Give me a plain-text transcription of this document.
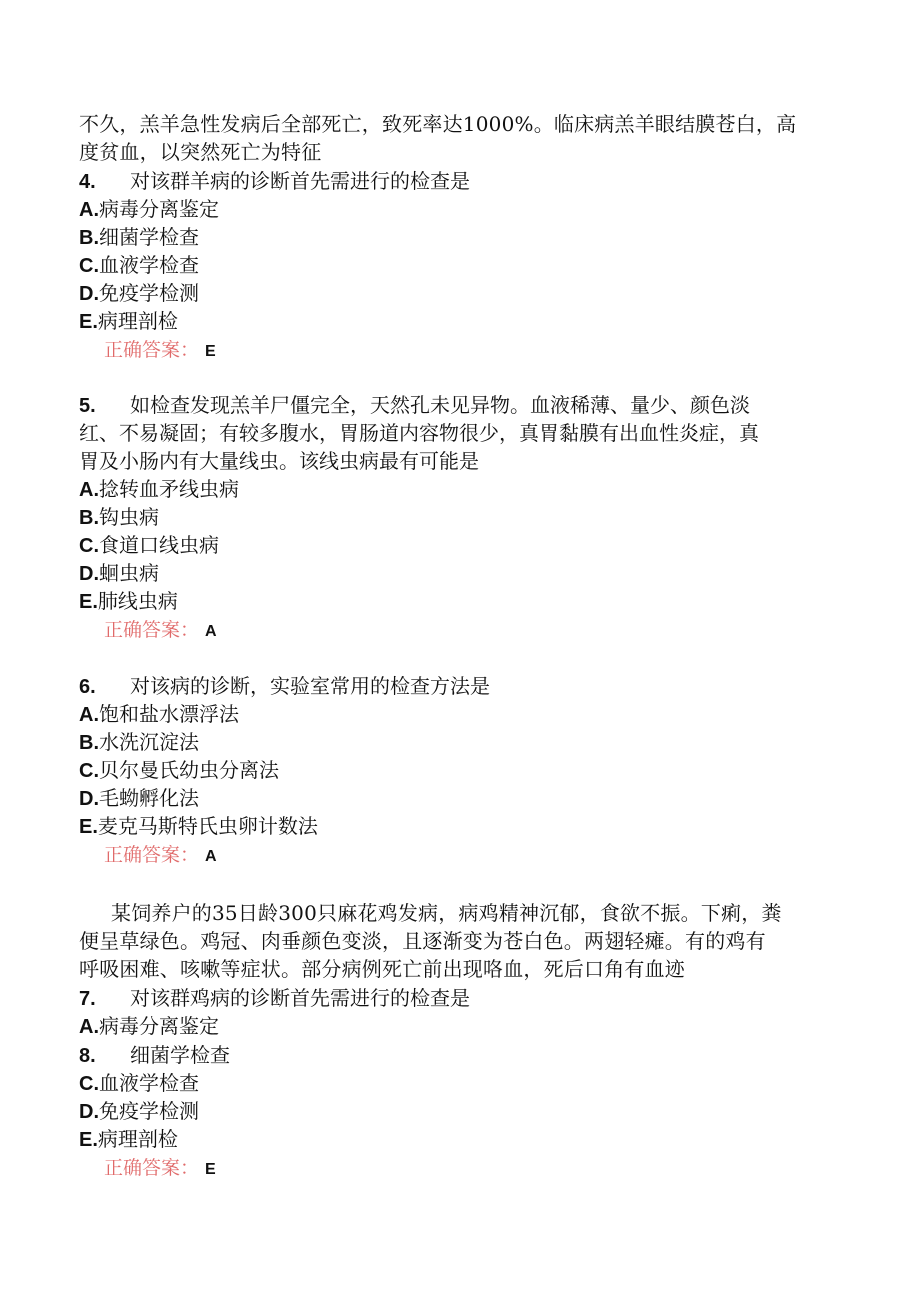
不久，羔羊急性发病后全部死亡，致死率达1000%。临床病羔羊眼结膜苍白，高
度贫血，以突然死亡为特征
4. 对该群羊病的诊断首先需进行的检查是
A.病毒分离鉴定
B.细菌学检查
C.血液学检查
D.免疫学检测
E.病理剖检
正确答案： E
5. 如检查发现羔羊尸僵完全，天然孔未见异物。血液稀薄、量少、颜色淡
红、不易凝固；有较多腹水，胃肠道内容物很少，真胃黏膜有出血性炎症，真
胃及小肠内有大量线虫。该线虫病最有可能是
A.捻转血矛线虫病
B.钩虫病
C.食道口线虫病
D.蛔虫病
E.肺线虫病
正确答案： A
6. 对该病的诊断，实验室常用的检查方法是
A.饱和盐水漂浮法
B.水洗沉淀法
C.贝尔曼氏幼虫分离法
D.毛蚴孵化法
E.麦克马斯特氏虫卵计数法
正确答案： A
某饲养户的35日龄300只麻花鸡发病，病鸡精神沉郁，食欲不振。下痢，粪
便呈草绿色。鸡冠、肉垂颜色变淡，且逐渐变为苍白色。两翅轻瘫。有的鸡有
呼吸困难、咳嗽等症状。部分病例死亡前出现咯血，死后口角有血迹
7. 对该群鸡病的诊断首先需进行的检查是
A.病毒分离鉴定
8. 细菌学检查
C.血液学检查
D.免疫学检测
E.病理剖检
正确答案： E
